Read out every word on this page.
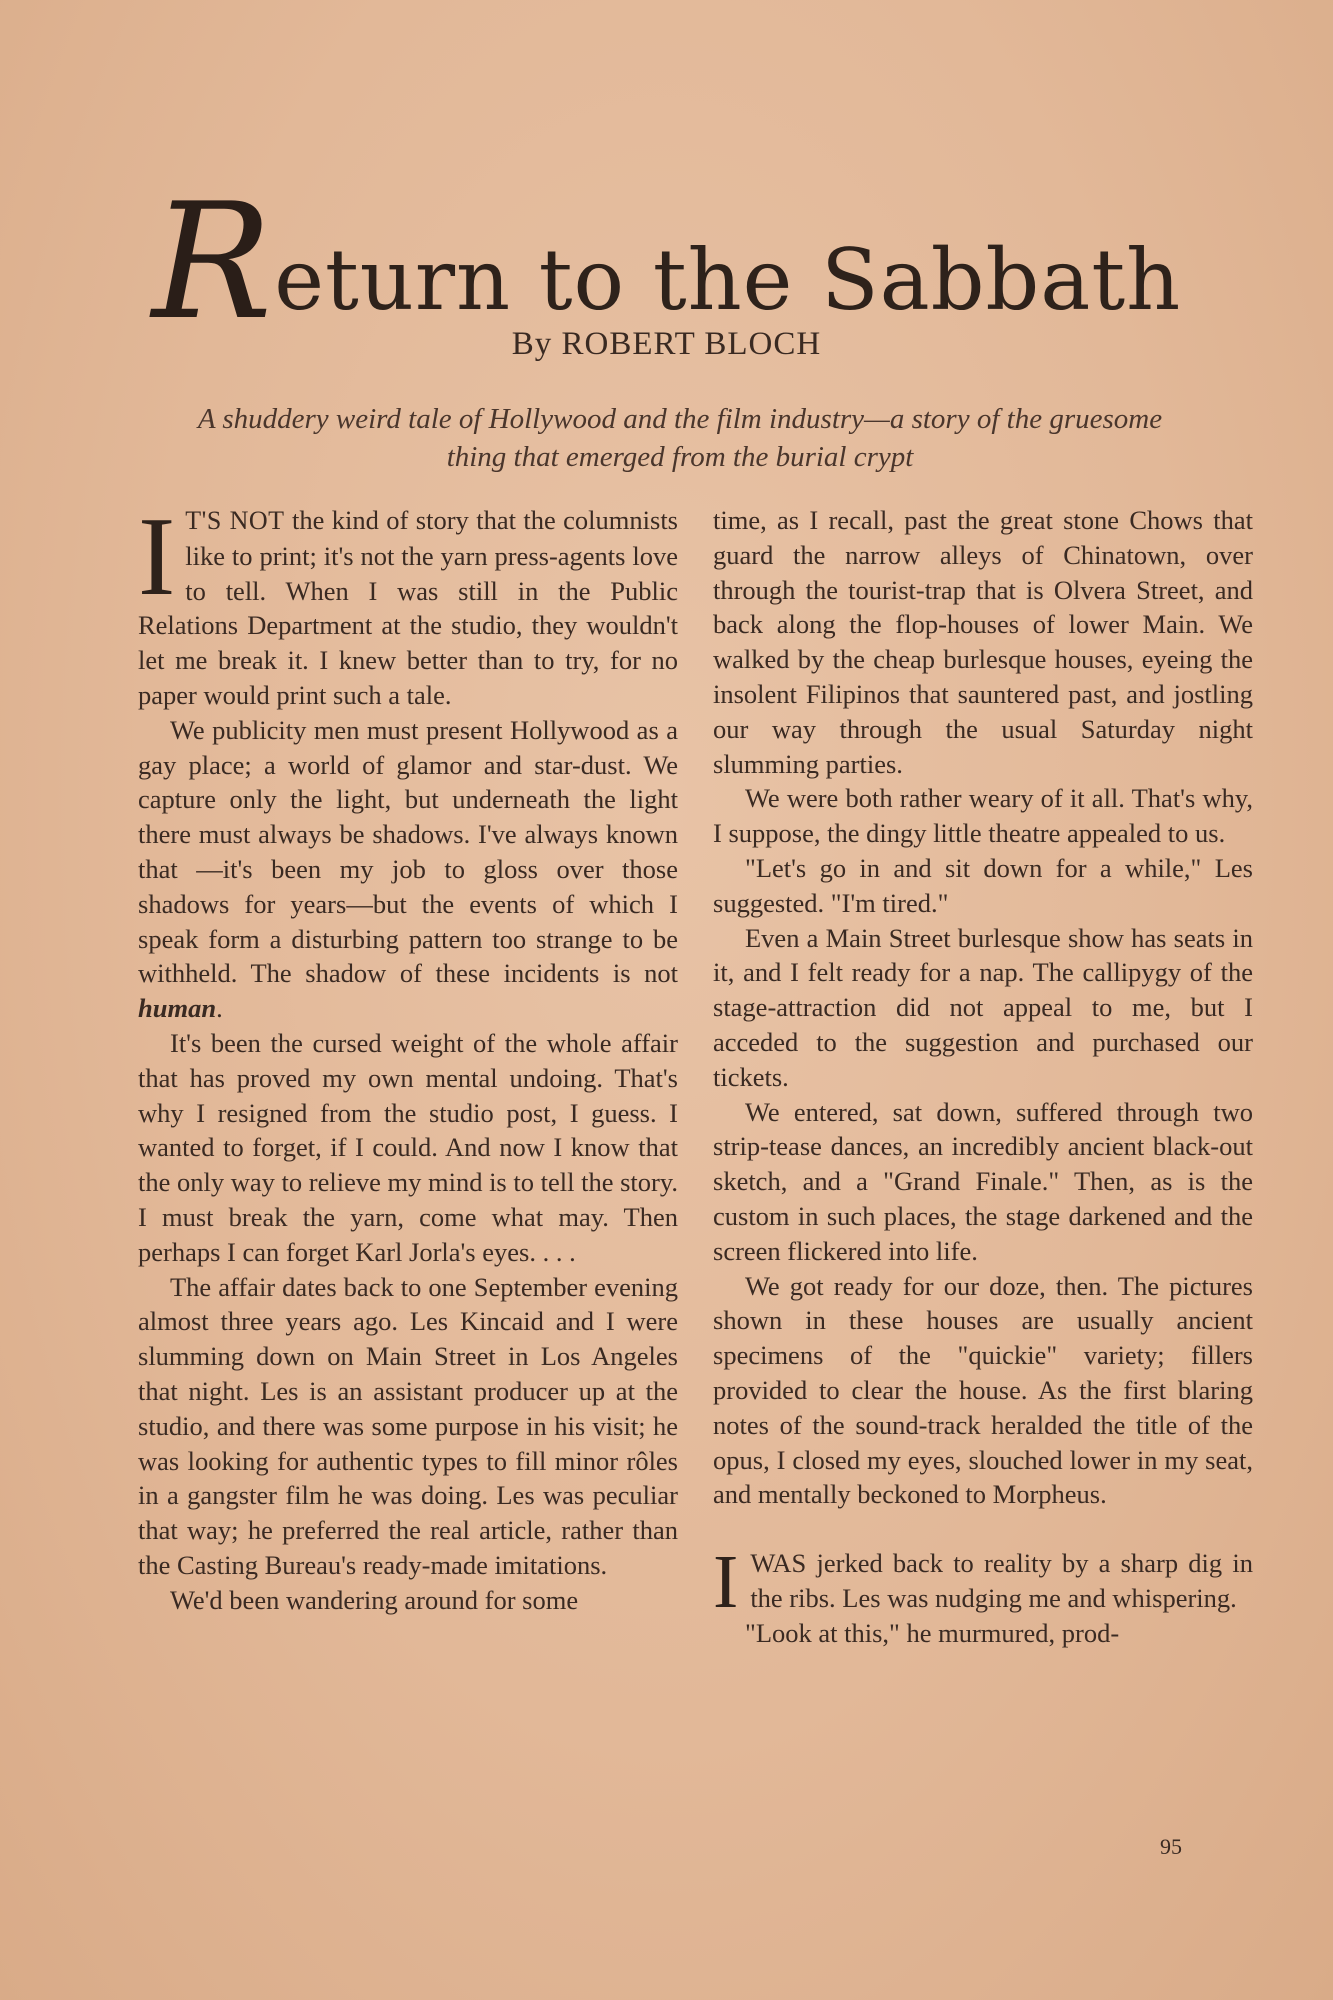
Return to the Sabbath
By ROBERT BLOCH
A shuddery weird tale of Hollywood and the film industry—a story of the gruesome thing that emerged from the burial crypt

I T'S NOT the kind of story that the columnists like to print; it's not the yarn press-agents love to tell. When I was still in the Public Relations Department at the studio, they wouldn't let me break it. I knew better than to try, for no paper would print such a tale.

We publicity men must present Hollywood as a gay place; a world of glamor and star-dust. We capture only the light, but underneath the light there must always be shadows. I've always known that —it's been my job to gloss over those shadows for years—but the events of which I speak form a disturbing pattern too strange to be withheld. The shadow of these incidents is not human.

It's been the cursed weight of the whole affair that has proved my own mental undoing. That's why I resigned from the studio post, I guess. I wanted to forget, if I could. And now I know that the only way to relieve my mind is to tell the story. I must break the yarn, come what may. Then perhaps I can forget Karl Jorla's eyes. . . .

The affair dates back to one September evening almost three years ago. Les Kincaid and I were slumming down on Main Street in Los Angeles that night. Les is an assistant producer up at the studio, and there was some purpose in his visit; he was looking for authentic types to fill minor rôles in a gangster film he was doing. Les was peculiar that way; he preferred the real article, rather than the Casting Bureau's ready-made imitations.

We'd been wandering around for some

time, as I recall, past the great stone Chows that guard the narrow alleys of Chinatown, over through the tourist-trap that is Olvera Street, and back along the flop-houses of lower Main. We walked by the cheap burlesque houses, eyeing the insolent Filipinos that sauntered past, and jostling our way through the usual Saturday night slumming parties.

We were both rather weary of it all. That's why, I suppose, the dingy little theatre appealed to us.

"Let's go in and sit down for a while," Les suggested. "I'm tired."

Even a Main Street burlesque show has seats in it, and I felt ready for a nap. The callipygy of the stage-attraction did not appeal to me, but I acceded to the suggestion and purchased our tickets.

We entered, sat down, suffered through two strip-tease dances, an incredibly ancient black-out sketch, and a "Grand Finale." Then, as is the custom in such places, the stage darkened and the screen flickered into life.

We got ready for our doze, then. The pictures shown in these houses are usually ancient specimens of the "quickie" variety; fillers provided to clear the house. As the first blaring notes of the sound-track heralded the title of the opus, I closed my eyes, slouched lower in my seat, and mentally beckoned to Morpheus.

IWAS jerked back to reality by a sharp dig in the ribs. Les was nudging me and whispering.

"Look at this," he murmured, prod-

95
